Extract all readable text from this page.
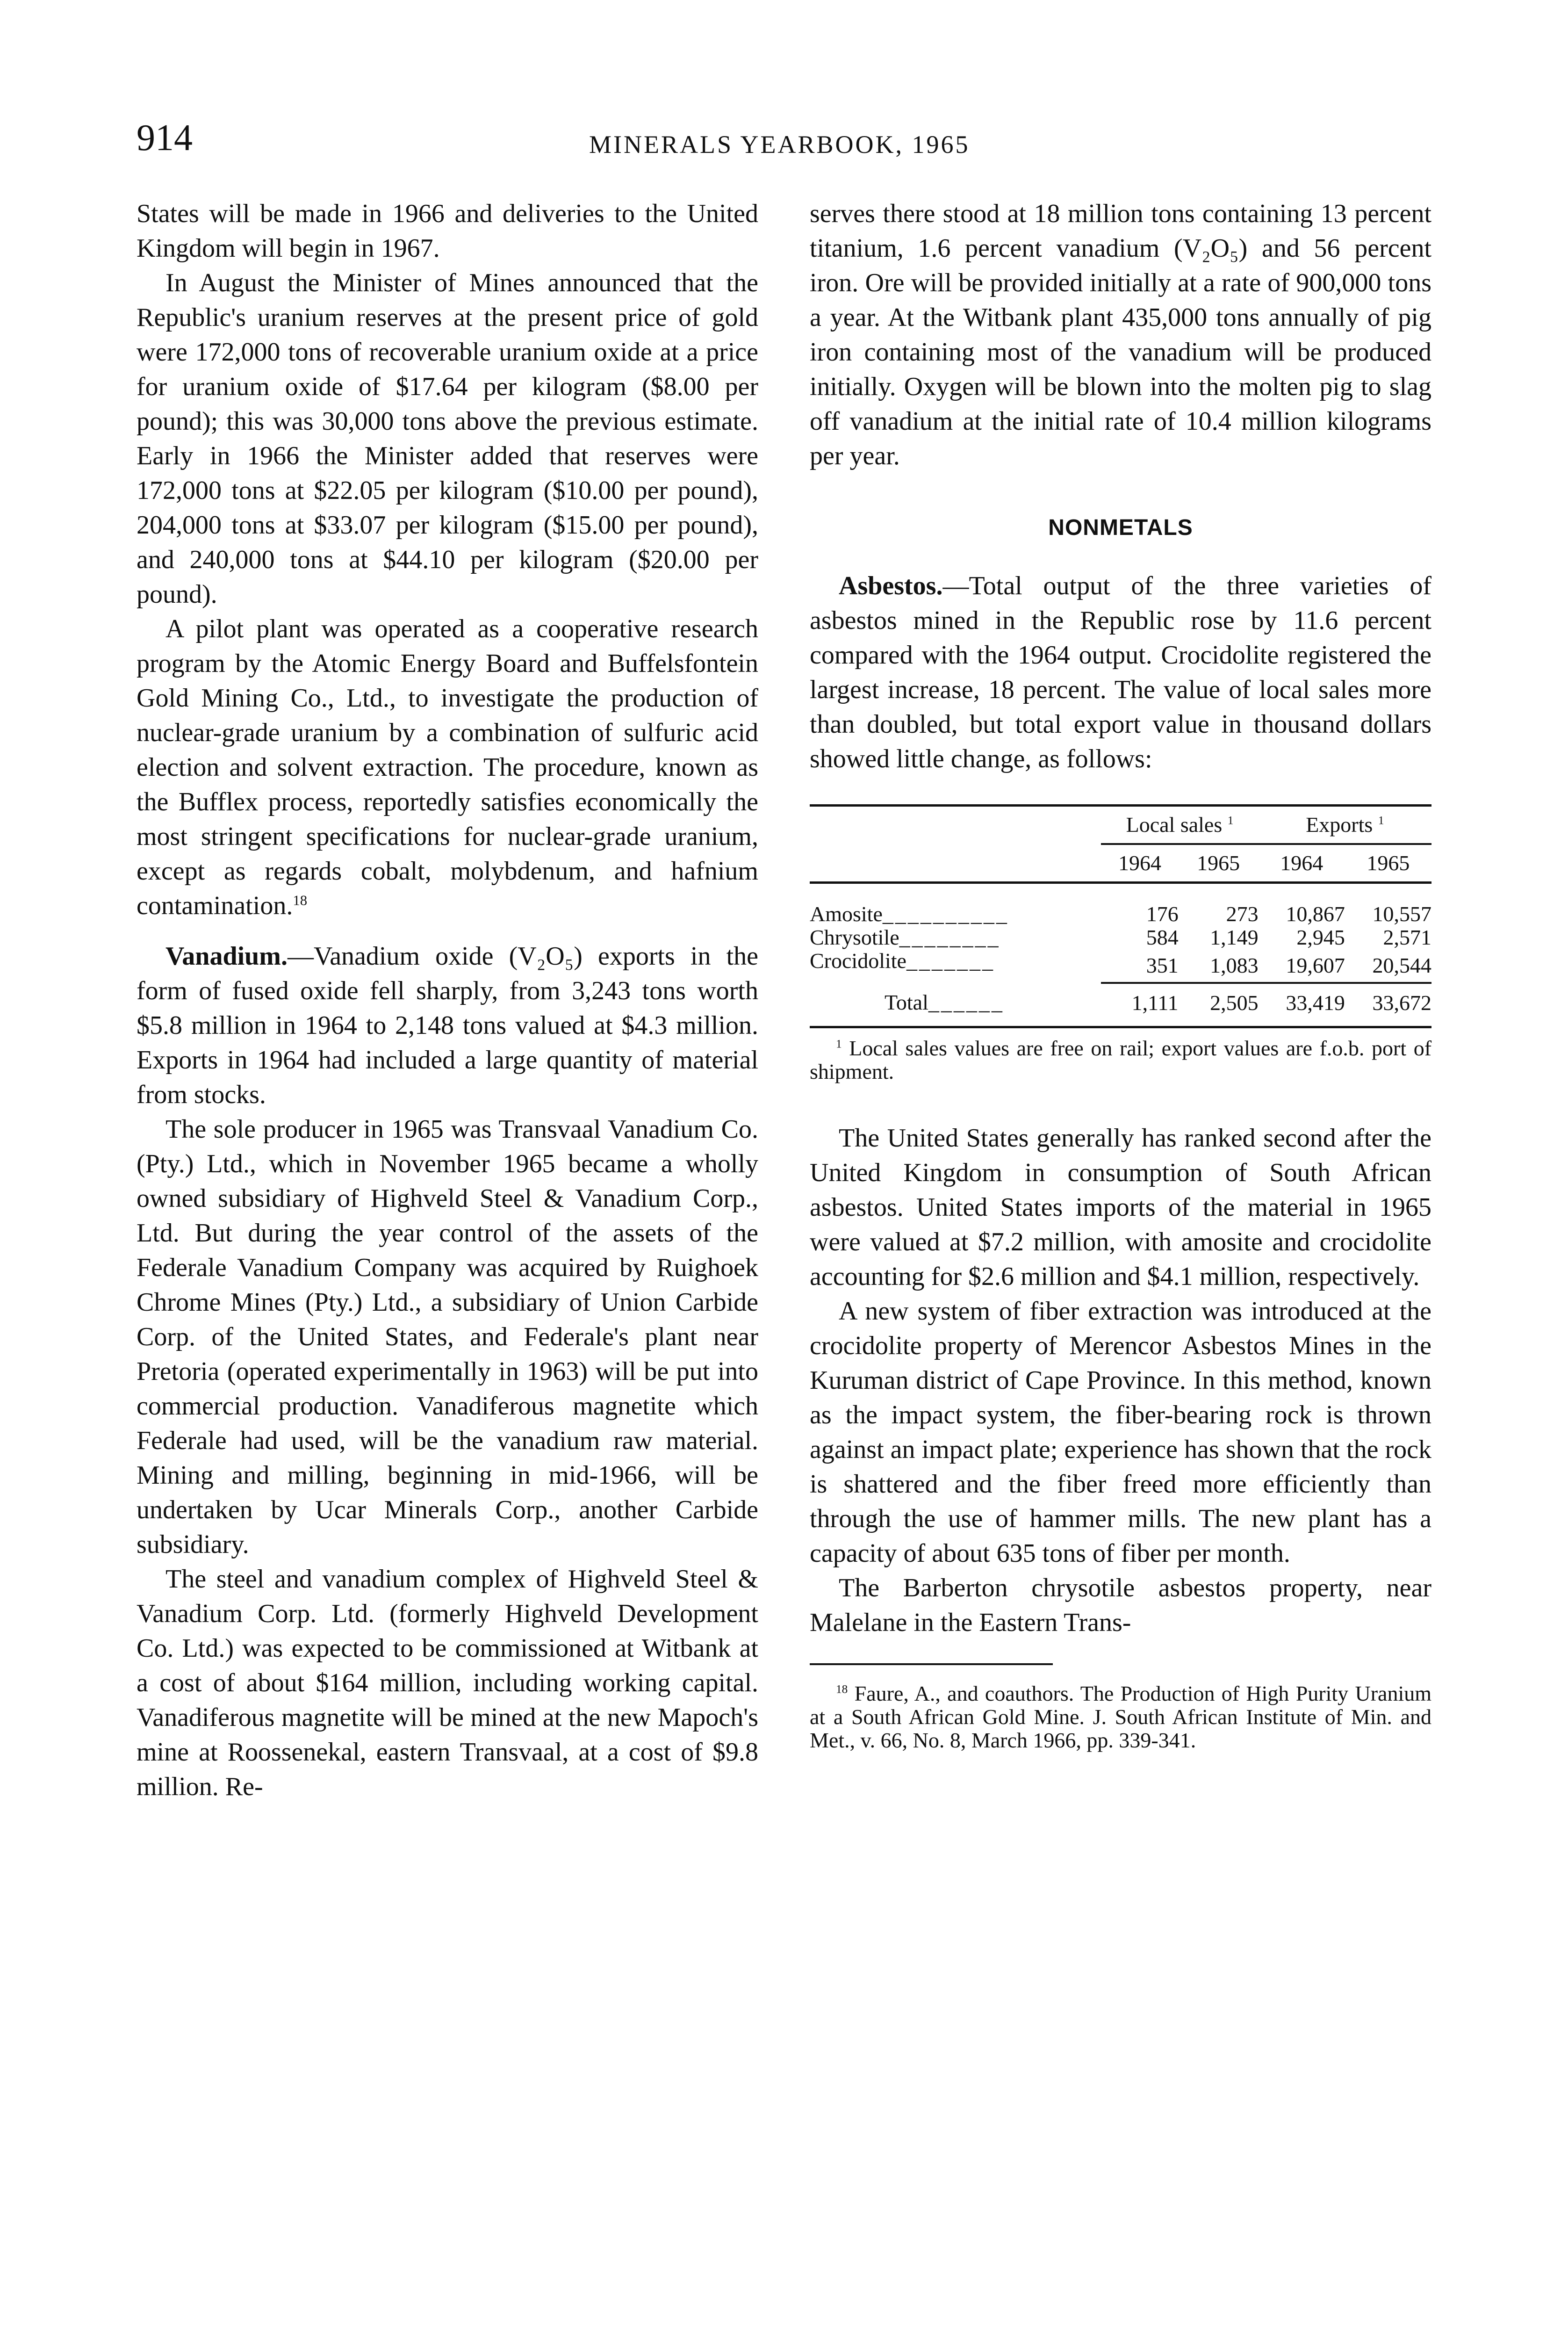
914	MINERALS YEARBOOK, 1965

States will be made in 1966 and deliveries to the United Kingdom will begin in 1967.

In August the Minister of Mines announced that the Republic's uranium reserves at the present price of gold were 172,000 tons of recoverable uranium oxide at a price for uranium oxide of $17.64 per kilogram ($8.00 per pound); this was 30,000 tons above the previous estimate. Early in 1966 the Minister added that reserves were 172,000 tons at $22.05 per kilogram ($10.00 per pound), 204,000 tons at $33.07 per kilogram ($15.00 per pound), and 240,000 tons at $44.10 per kilogram ($20.00 per pound).

A pilot plant was operated as a cooperative research program by the Atomic Energy Board and Buffelsfontein Gold Mining Co., Ltd., to investigate the production of nuclear-grade uranium by a combination of sulfuric acid election and solvent extraction. The procedure, known as the Bufflex process, reportedly satisfies economically the most stringent specifications for nuclear-grade uranium, except as regards cobalt, molybdenum, and hafnium contamination.$^{18}$

Vanadium.—Vanadium oxide (V₂O₅) exports in the form of fused oxide fell sharply, from 3,243 tons worth $5.8 million in 1964 to 2,148 tons valued at $4.3 million. Exports in 1964 had included a large quantity of material from stocks.

The sole producer in 1965 was Transvaal Vanadium Co. (Pty.) Ltd., which in November 1965 became a wholly owned subsidiary of Highveld Steel & Vanadium Corp., Ltd. But during the year control of the assets of the Federale Vanadium Company was acquired by Ruighoek Chrome Mines (Pty.) Ltd., a subsidiary of Union Carbide Corp. of the United States, and Federale's plant near Pretoria (operated experimentally in 1963) will be put into commercial production. Vanadiferous magnetite which Federale had used, will be the vanadium raw material. Mining and milling, beginning in mid-1966, will be undertaken by Ucar Minerals Corp., another Carbide subsidiary.

The steel and vanadium complex of Highveld Steel & Vanadium Corp. Ltd. (formerly Highveld Development Co. Ltd.) was expected to be commissioned at Witbank at a cost of about $164 million, including working capital. Vanadiferous magnetite will be mined at the new Mapoch's mine at Roossenekal, eastern Transvaal, at a cost of $9.8 million. Re-

serves there stood at 18 million tons containing 13 percent titanium, 1.6 percent vanadium (V₂O₅) and 56 percent iron. Ore will be provided initially at a rate of 900,000 tons a year. At the Witbank plant 435,000 tons annually of pig iron containing most of the vanadium will be produced initially. Oxygen will be blown into the molten pig to slag off vanadium at the initial rate of 10.4 million kilograms per year.

NONMETALS

Asbestos.—Total output of the three varieties of asbestos mined in the Republic rose by 11.6 percent compared with the 1964 output. Crocidolite registered the largest increase, 18 percent. The value of local sales more than doubled, but total export value in thousand dollars showed little change, as follows:

	Local sales $^1$		Exports $^1$
	1964	1965	1964	1965

Amosite__________	176	273	10,867	10,557
Chrysotile________	584	1,149	2,945	2,571
Crocidolite_______	351	1,083	19,607	20,544
Total______	1,111	2,505	33,419	33,672
$^1$ Local sales values are free on rail; export values are f.o.b. port of shipment.

The United States generally has ranked second after the United Kingdom in consumption of South African asbestos. United States imports of the material in 1965 were valued at $7.2 million, with amosite and crocidolite accounting for $2.6 million and $4.1 million, respectively.

A new system of fiber extraction was introduced at the crocidolite property of Merencor Asbestos Mines in the Kuruman district of Cape Province. In this method, known as the impact system, the fiber-bearing rock is thrown against an impact plate; experience has shown that the rock is shattered and the fiber freed more efficiently than through the use of hammer mills. The new plant has a capacity of about 635 tons of fiber per month.

The Barberton chrysotile asbestos property, near Malelane in the Eastern Trans-

$^{18}$ Faure, A., and coauthors. The Production of High Purity Uranium at a South African Gold Mine. J. South African Institute of Min. and Met., v. 66, No. 8, March 1966, pp. 339-341.
